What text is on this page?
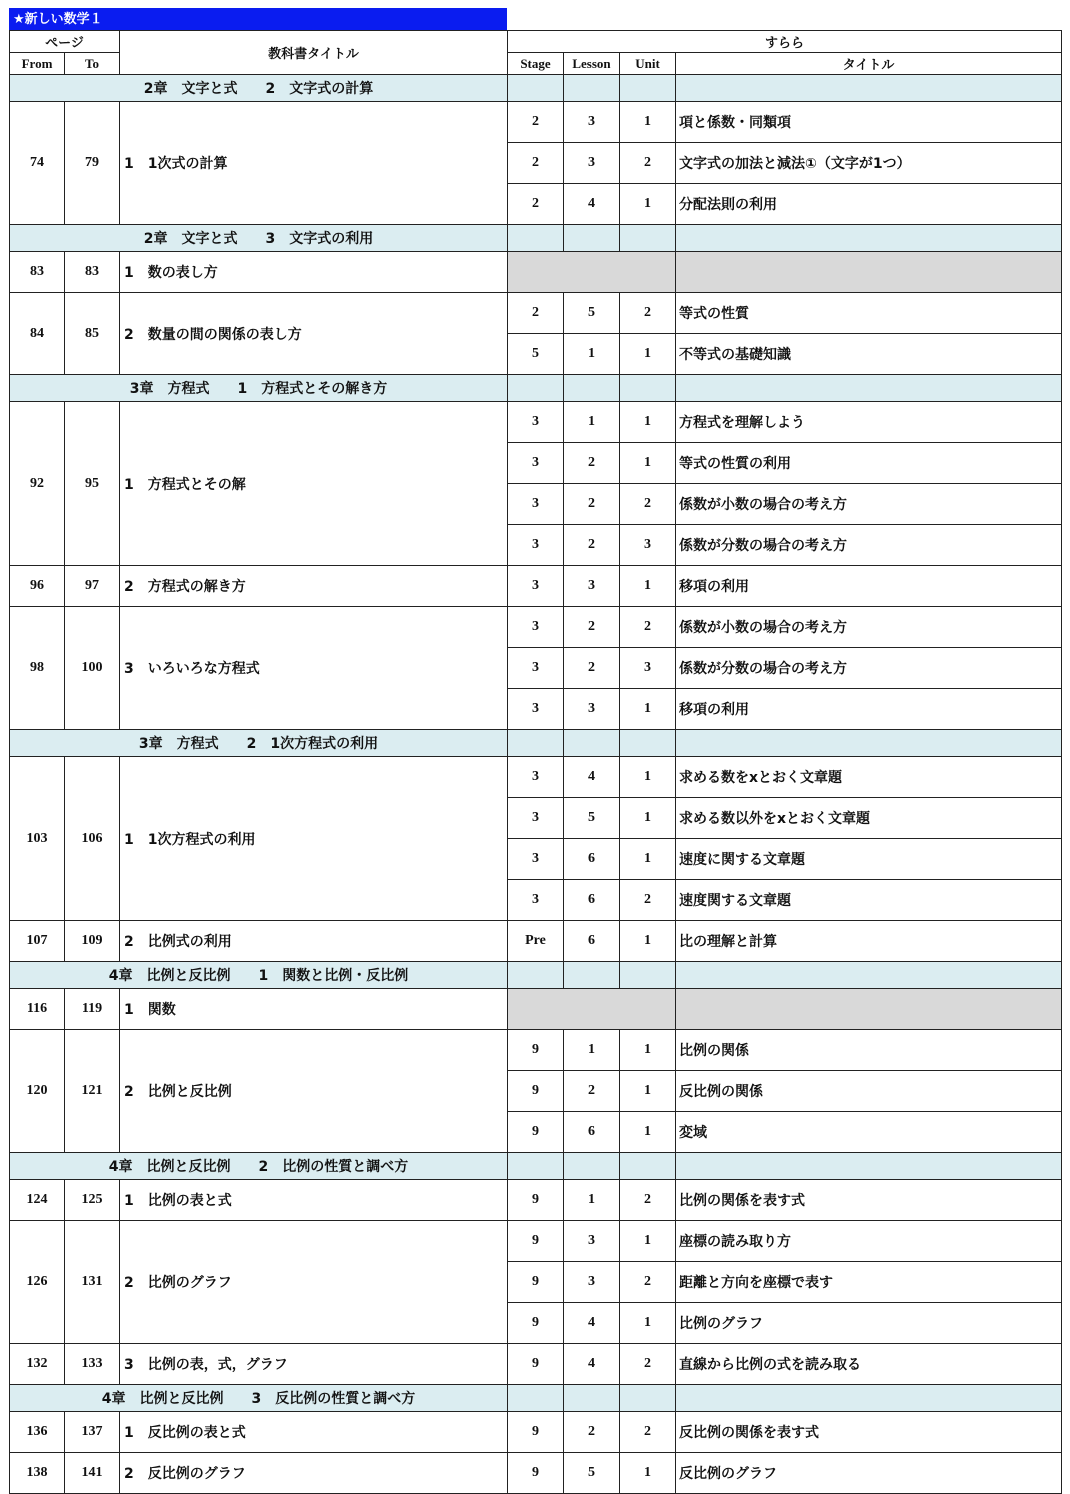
★新しい数学１
ページ		教科書タイトル	すらら			
From	To		Stage	Lesson	Unit	タイトル
2章　文字と式　　2　文字式の計算						
74	79	1　1次式の計算	2	3	1	項と係数・同類項
			2	3	2	文字式の加法と減法①（文字が1つ）
			2	4	1	分配法則の利用
2章　文字と式　　3　文字式の利用						
83	83	1　数の表し方				
84	85	2　数量の間の関係の表し方	2	5	2	等式の性質
			5	1	1	不等式の基礎知識
3章　方程式　　1　方程式とその解き方						
92	95	1　方程式とその解	3	1	1	方程式を理解しよう
			3	2	1	等式の性質の利用
			3	2	2	係数が小数の場合の考え方
			3	2	3	係数が分数の場合の考え方
96	97	2　方程式の解き方	3	3	1	移項の利用
98	100	3　いろいろな方程式	3	2	2	係数が小数の場合の考え方
			3	2	3	係数が分数の場合の考え方
			3	3	1	移項の利用
3章　方程式　　2　1次方程式の利用						
103	106	1　1次方程式の利用	3	4	1	求める数をxとおく文章題
			3	5	1	求める数以外をxとおく文章題
			3	6	1	速度に関する文章題
			3	6	2	速度関する文章題
107	109	2　比例式の利用	Pre	6	1	比の理解と計算
4章　比例と反比例　　1　関数と比例・反比例						
116	119	1　関数				
120	121	2　比例と反比例	9	1	1	比例の関係
			9	2	1	反比例の関係
			9	6	1	変域
4章　比例と反比例　　2　比例の性質と調べ方						
124	125	1　比例の表と式	9	1	2	比例の関係を表す式
126	131	2　比例のグラフ	9	3	1	座標の読み取り方
			9	3	2	距離と方向を座標で表す
			9	4	1	比例のグラフ
132	133	3　比例の表，式，グラフ	9	4	2	直線から比例の式を読み取る
4章　比例と反比例　　3　反比例の性質と調べ方						
136	137	1　反比例の表と式	9	2	2	反比例の関係を表す式
138	141	2　反比例のグラフ	9	5	1	反比例のグラフ
